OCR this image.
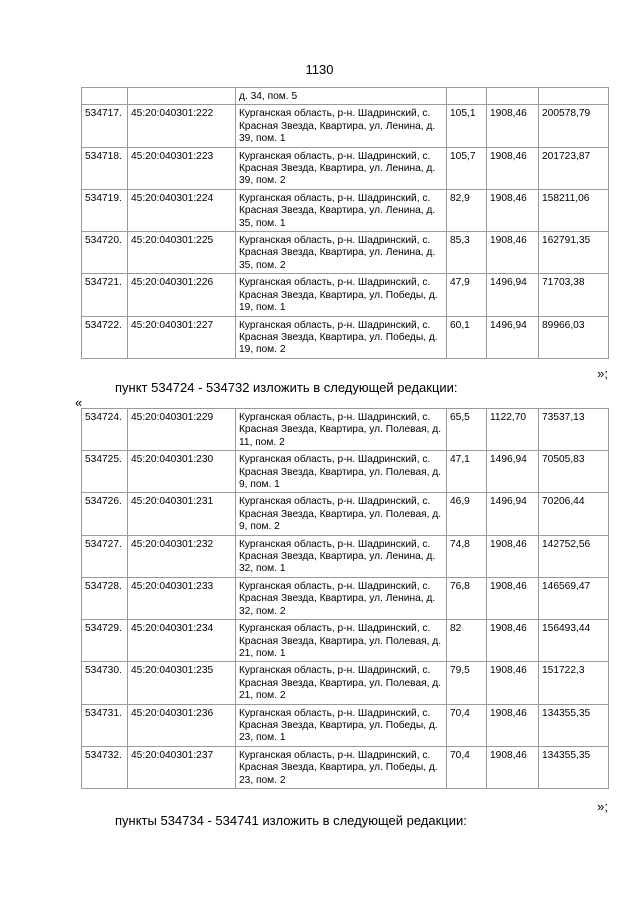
1130
		д. 34, пом. 5			
534717.	45:20:040301:222	Курганская область, р-н. Шадринский, с. Красная Звезда, Квартира, ул. Ленина, д. 39, пом. 1	105,1	1908,46	200578,79
534718.	45:20:040301:223	Курганская область, р-н. Шадринский, с. Красная Звезда, Квартира, ул. Ленина, д. 39, пом. 2	105,7	1908,46	201723,87
534719.	45:20:040301:224	Курганская область, р-н. Шадринский, с. Красная Звезда, Квартира, ул. Ленина, д. 35, пом. 1	82,9	1908,46	158211,06
534720.	45:20:040301:225	Курганская область, р-н. Шадринский, с. Красная Звезда, Квартира, ул. Ленина, д. 35, пом. 2	85,3	1908,46	162791,35
534721.	45:20:040301:226	Курганская область, р-н. Шадринский, с. Красная Звезда, Квартира, ул. Победы, д. 19, пом. 1	47,9	1496,94	71703,38
534722.	45:20:040301:227	Курганская область, р-н. Шадринский, с. Красная Звезда, Квартира, ул. Победы, д. 19, пом. 2	60,1	1496,94	89966,03
»;
пункт 534724 - 534732 изложить в следующей редакции:
«
534724.	45:20:040301:229	Курганская область, р-н. Шадринский, с. Красная Звезда, Квартира, ул. Полевая, д. 11, пом. 2	65,5	1122,70	73537,13
534725.	45:20:040301:230	Курганская область, р-н. Шадринский, с. Красная Звезда, Квартира, ул. Полевая, д. 9, пом. 1	47,1	1496,94	70505,83
534726.	45:20:040301:231	Курганская область, р-н. Шадринский, с. Красная Звезда, Квартира, ул. Полевая, д. 9, пом. 2	46,9	1496,94	70206,44
534727.	45:20:040301:232	Курганская область, р-н. Шадринский, с. Красная Звезда, Квартира, ул. Ленина, д. 32, пом. 1	74,8	1908,46	142752,56
534728.	45:20:040301:233	Курганская область, р-н. Шадринский, с. Красная Звезда, Квартира, ул. Ленина, д. 32, пом. 2	76,8	1908,46	146569,47
534729.	45:20:040301:234	Курганская область, р-н. Шадринский, с. Красная Звезда, Квартира, ул. Полевая, д. 21, пом. 1	82	1908,46	156493,44
534730.	45:20:040301:235	Курганская область, р-н. Шадринский, с. Красная Звезда, Квартира, ул. Полевая, д. 21, пом. 2	79,5	1908,46	151722,3
534731.	45:20:040301:236	Курганская область, р-н. Шадринский, с. Красная Звезда, Квартира, ул. Победы, д. 23, пом. 1	70,4	1908,46	134355,35
534732.	45:20:040301:237	Курганская область, р-н. Шадринский, с. Красная Звезда, Квартира, ул. Победы, д. 23, пом. 2	70,4	1908,46	134355,35
»;
пункты 534734 - 534741 изложить в следующей редакции:
